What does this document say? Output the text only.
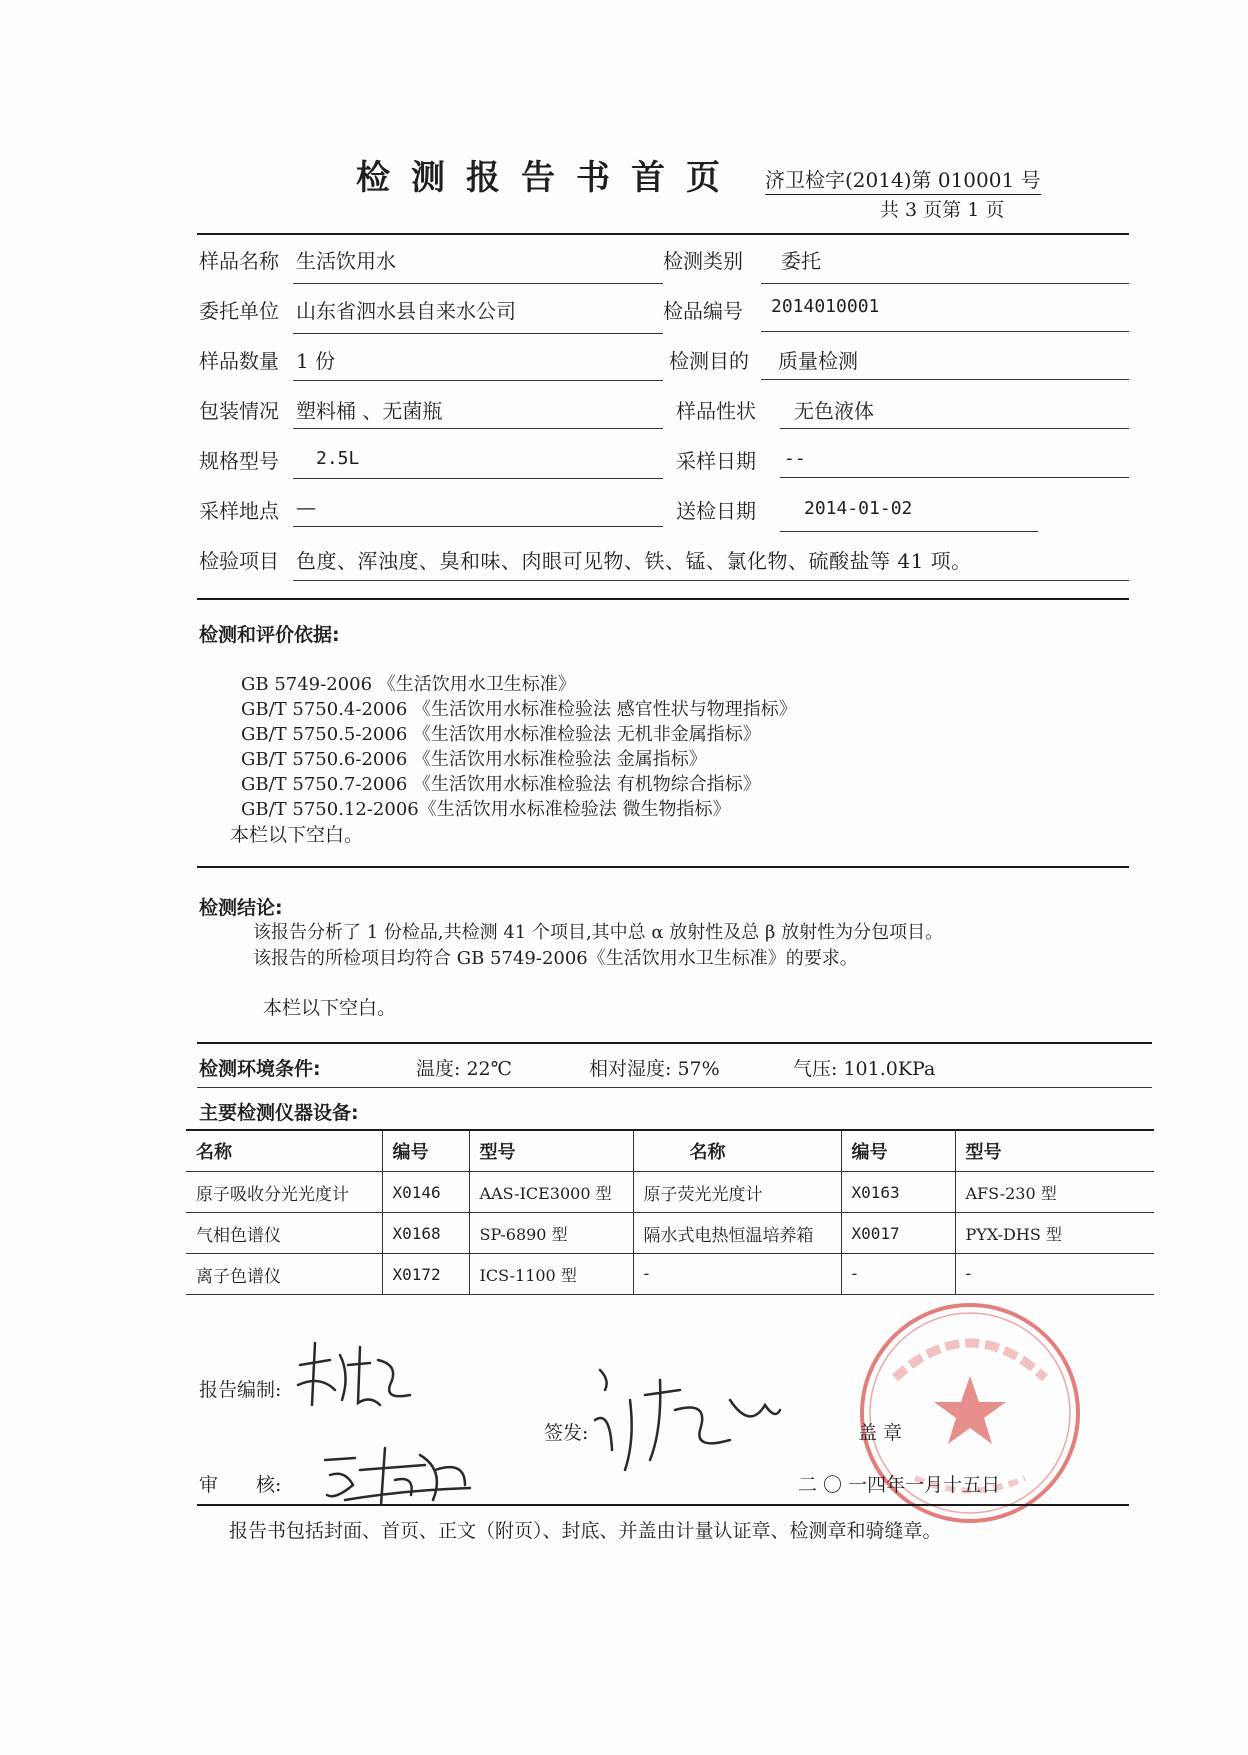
检测报告书首页 济卫检字(2014)第 010001 号
共 3 页第 1 页
样品名称 生活饮用水	检测类别 委托
委托单位 山东省泗水县自来水公司	检品编号 2014010001
样品数量 1 份	检测目的 质量检测
包装情况 塑料桶 、无菌瓶	样品性状 无色液体
规格型号 2.5L	采样日期 --
采样地点 —	送检日期	2014-01-02
检验项目 色度、浑浊度、臭和味、肉眼可见物、铁、锰、氯化物、硫酸盐等 41 项。
检测和评价依据:
GB 5749-2006 《生活饮用水卫生标准》
GB/T 5750.4-2006 《生活饮用水标准检验法 感官性状与物理指标》
GB/T 5750.5-2006 《生活饮用水标准检验法 无机非金属指标》
GB/T 5750.6-2006 《生活饮用水标准检验法 金属指标》
GB/T 5750.7-2006 《生活饮用水标准检验法 有机物综合指标》
GB/T 5750.12-2006《生活饮用水标准检验法 微生物指标》
本栏以下空白。
检测结论:
该报告分析了 1 份检品,共检测 41 个项目,其中总 α 放射性及总 β 放射性为分包项目。
该报告的所检项目均符合 GB 5749-2006《生活饮用水卫生标准》的要求。
本栏以下空白。
检测环境条件:	温度: 22℃	相对湿度: 57%	气压: 101.0KPa
主要检测仪器设备:
名称	编号	型号	名称	编号	型号
原子吸收分光光度计	X0146	AAS-ICE3000 型	原子荧光光度计	X0163	AFS-230 型
气相色谱仪	X0168	SP-6890 型	隔水式电热恒温培养箱	X0017	PYX-DHS 型
离子色谱仪	X0172	ICS-1100 型	-	-	-
报告编制:
签发:	盖 章
审　　核:	二 〇 一四年一月十五日
报告书包括封面、首页、正文（附页）、封底、并盖由计量认证章、检测章和骑缝章。
